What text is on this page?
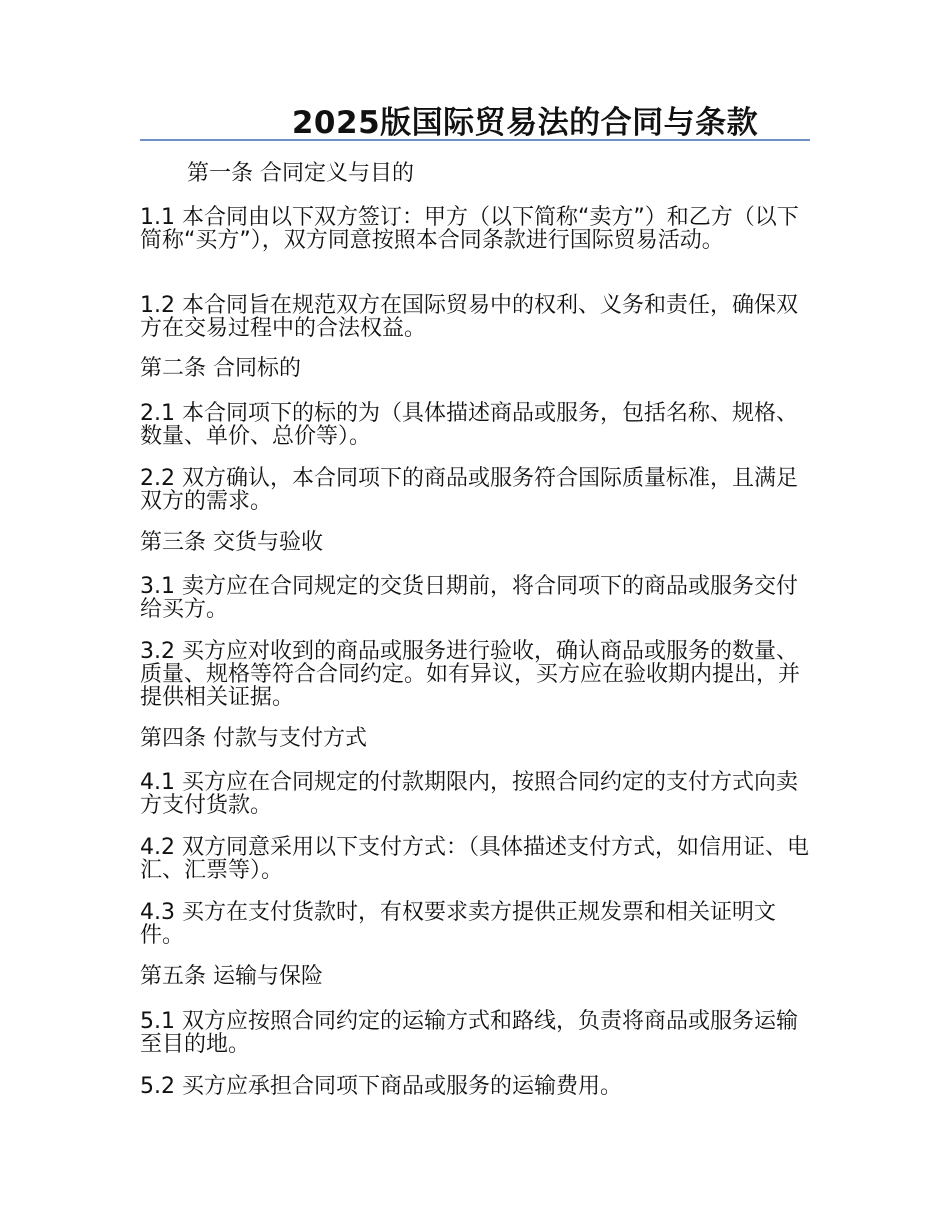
2025版国际贸易法的合同与条款
第一条 合同定义与目的
1.1 本合同由以下双方签订：甲方（以下简称“卖方”）和乙方（以下简称“买方”），双方同意按照本合同条款进行国际贸易活动。
1.2 本合同旨在规范双方在国际贸易中的权利、义务和责任，确保双方在交易过程中的合法权益。
第二条 合同标的
2.1 本合同项下的标的为（具体描述商品或服务，包括名称、规格、数量、单价、总价等）。
2.2 双方确认，本合同项下的商品或服务符合国际质量标准，且满足双方的需求。
第三条 交货与验收
3.1 卖方应在合同规定的交货日期前，将合同项下的商品或服务交付给买方。
3.2 买方应对收到的商品或服务进行验收，确认商品或服务的数量、质量、规格等符合合同约定。如有异议，买方应在验收期内提出，并提供相关证据。
第四条 付款与支付方式
4.1 买方应在合同规定的付款期限内，按照合同约定的支付方式向卖方支付货款。
4.2 双方同意采用以下支付方式：（具体描述支付方式，如信用证、电汇、汇票等）。
4.3 买方在支付货款时，有权要求卖方提供正规发票和相关证明文件。
第五条 运输与保险
5.1 双方应按照合同约定的运输方式和路线，负责将商品或服务运输至目的地。
5.2 买方应承担合同项下商品或服务的运输费用。
